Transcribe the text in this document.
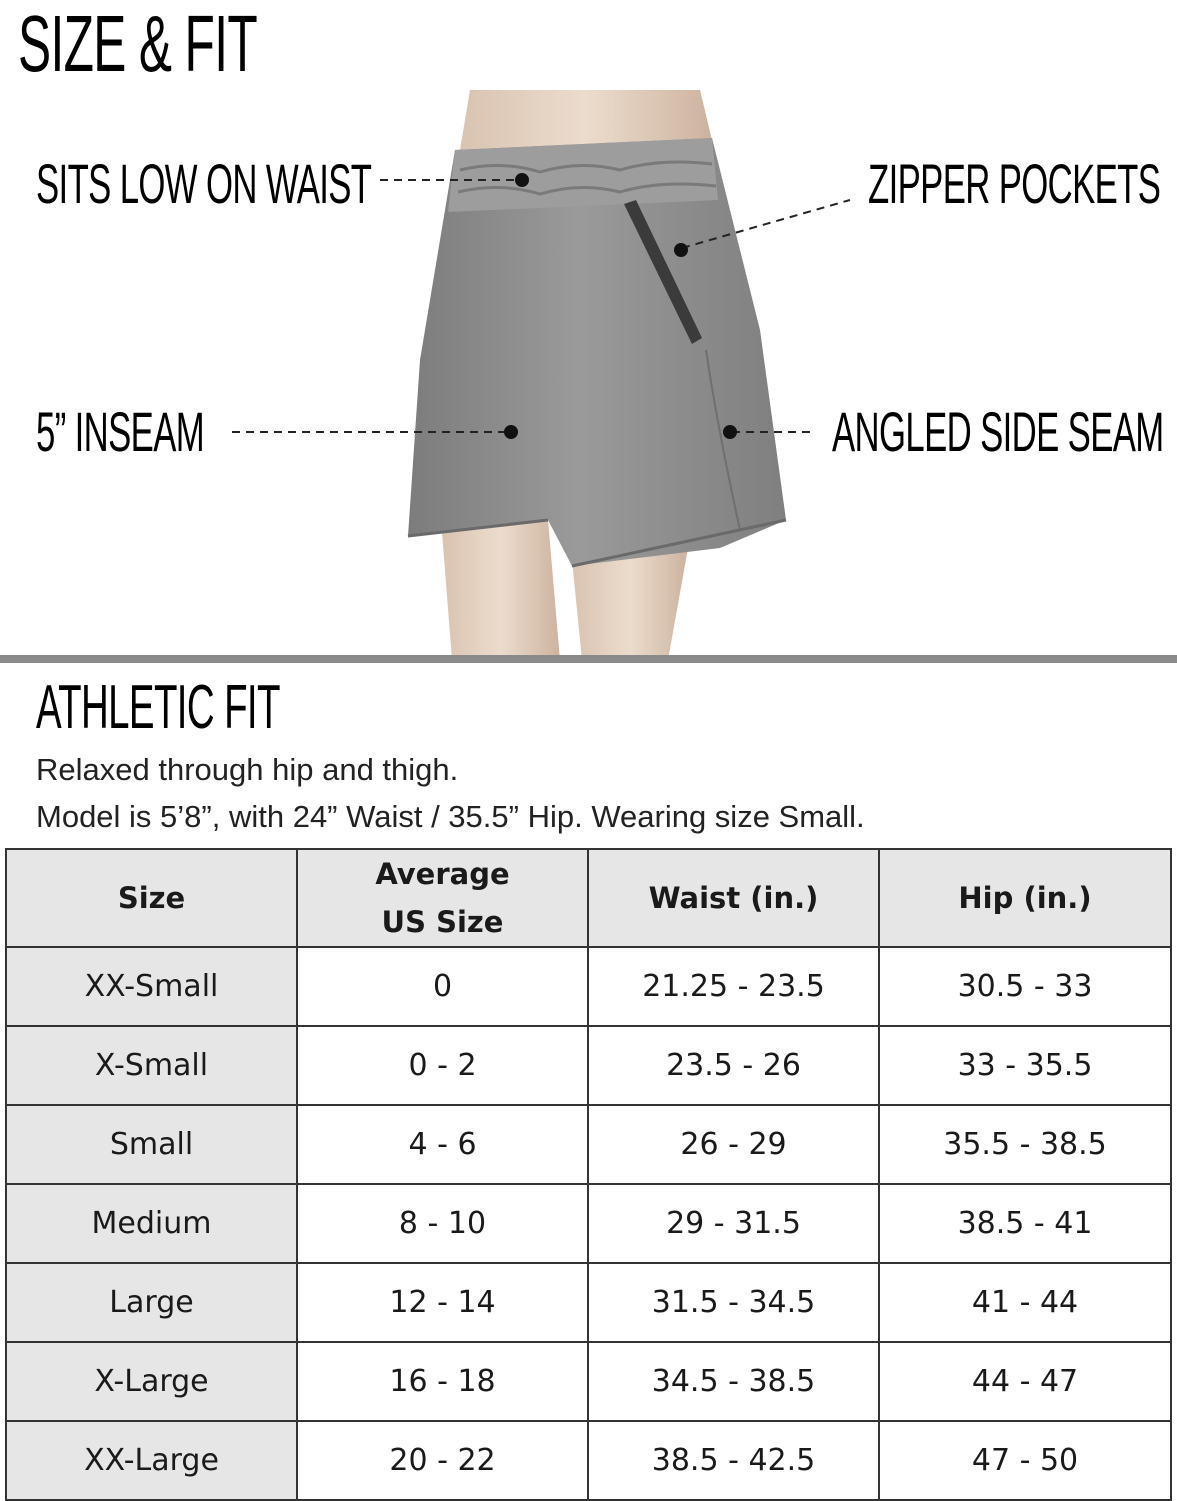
SIZE & FIT
SITS LOW ON WAIST
5” INSEAM
ZIPPER POCKETS
ANGLED SIDE SEAM
ATHLETIC FIT
Relaxed through hip and thigh.
Model is 5’8”, with 24” Waist / 35.5” Hip. Wearing size Small.
Size	Average US Size	Waist (in.)	Hip (in.)
XX-Small	0	21.25 - 23.5	30.5 - 33
X-Small	0 - 2	23.5 - 26	33 - 35.5
Small	4 - 6	26 - 29	35.5 - 38.5
Medium	8 - 10	29 - 31.5	38.5 - 41
Large	12 - 14	31.5 - 34.5	41 - 44
X-Large	16 - 18	34.5 - 38.5	44 - 47
XX-Large	20 - 22	38.5 - 42.5	47 - 50
